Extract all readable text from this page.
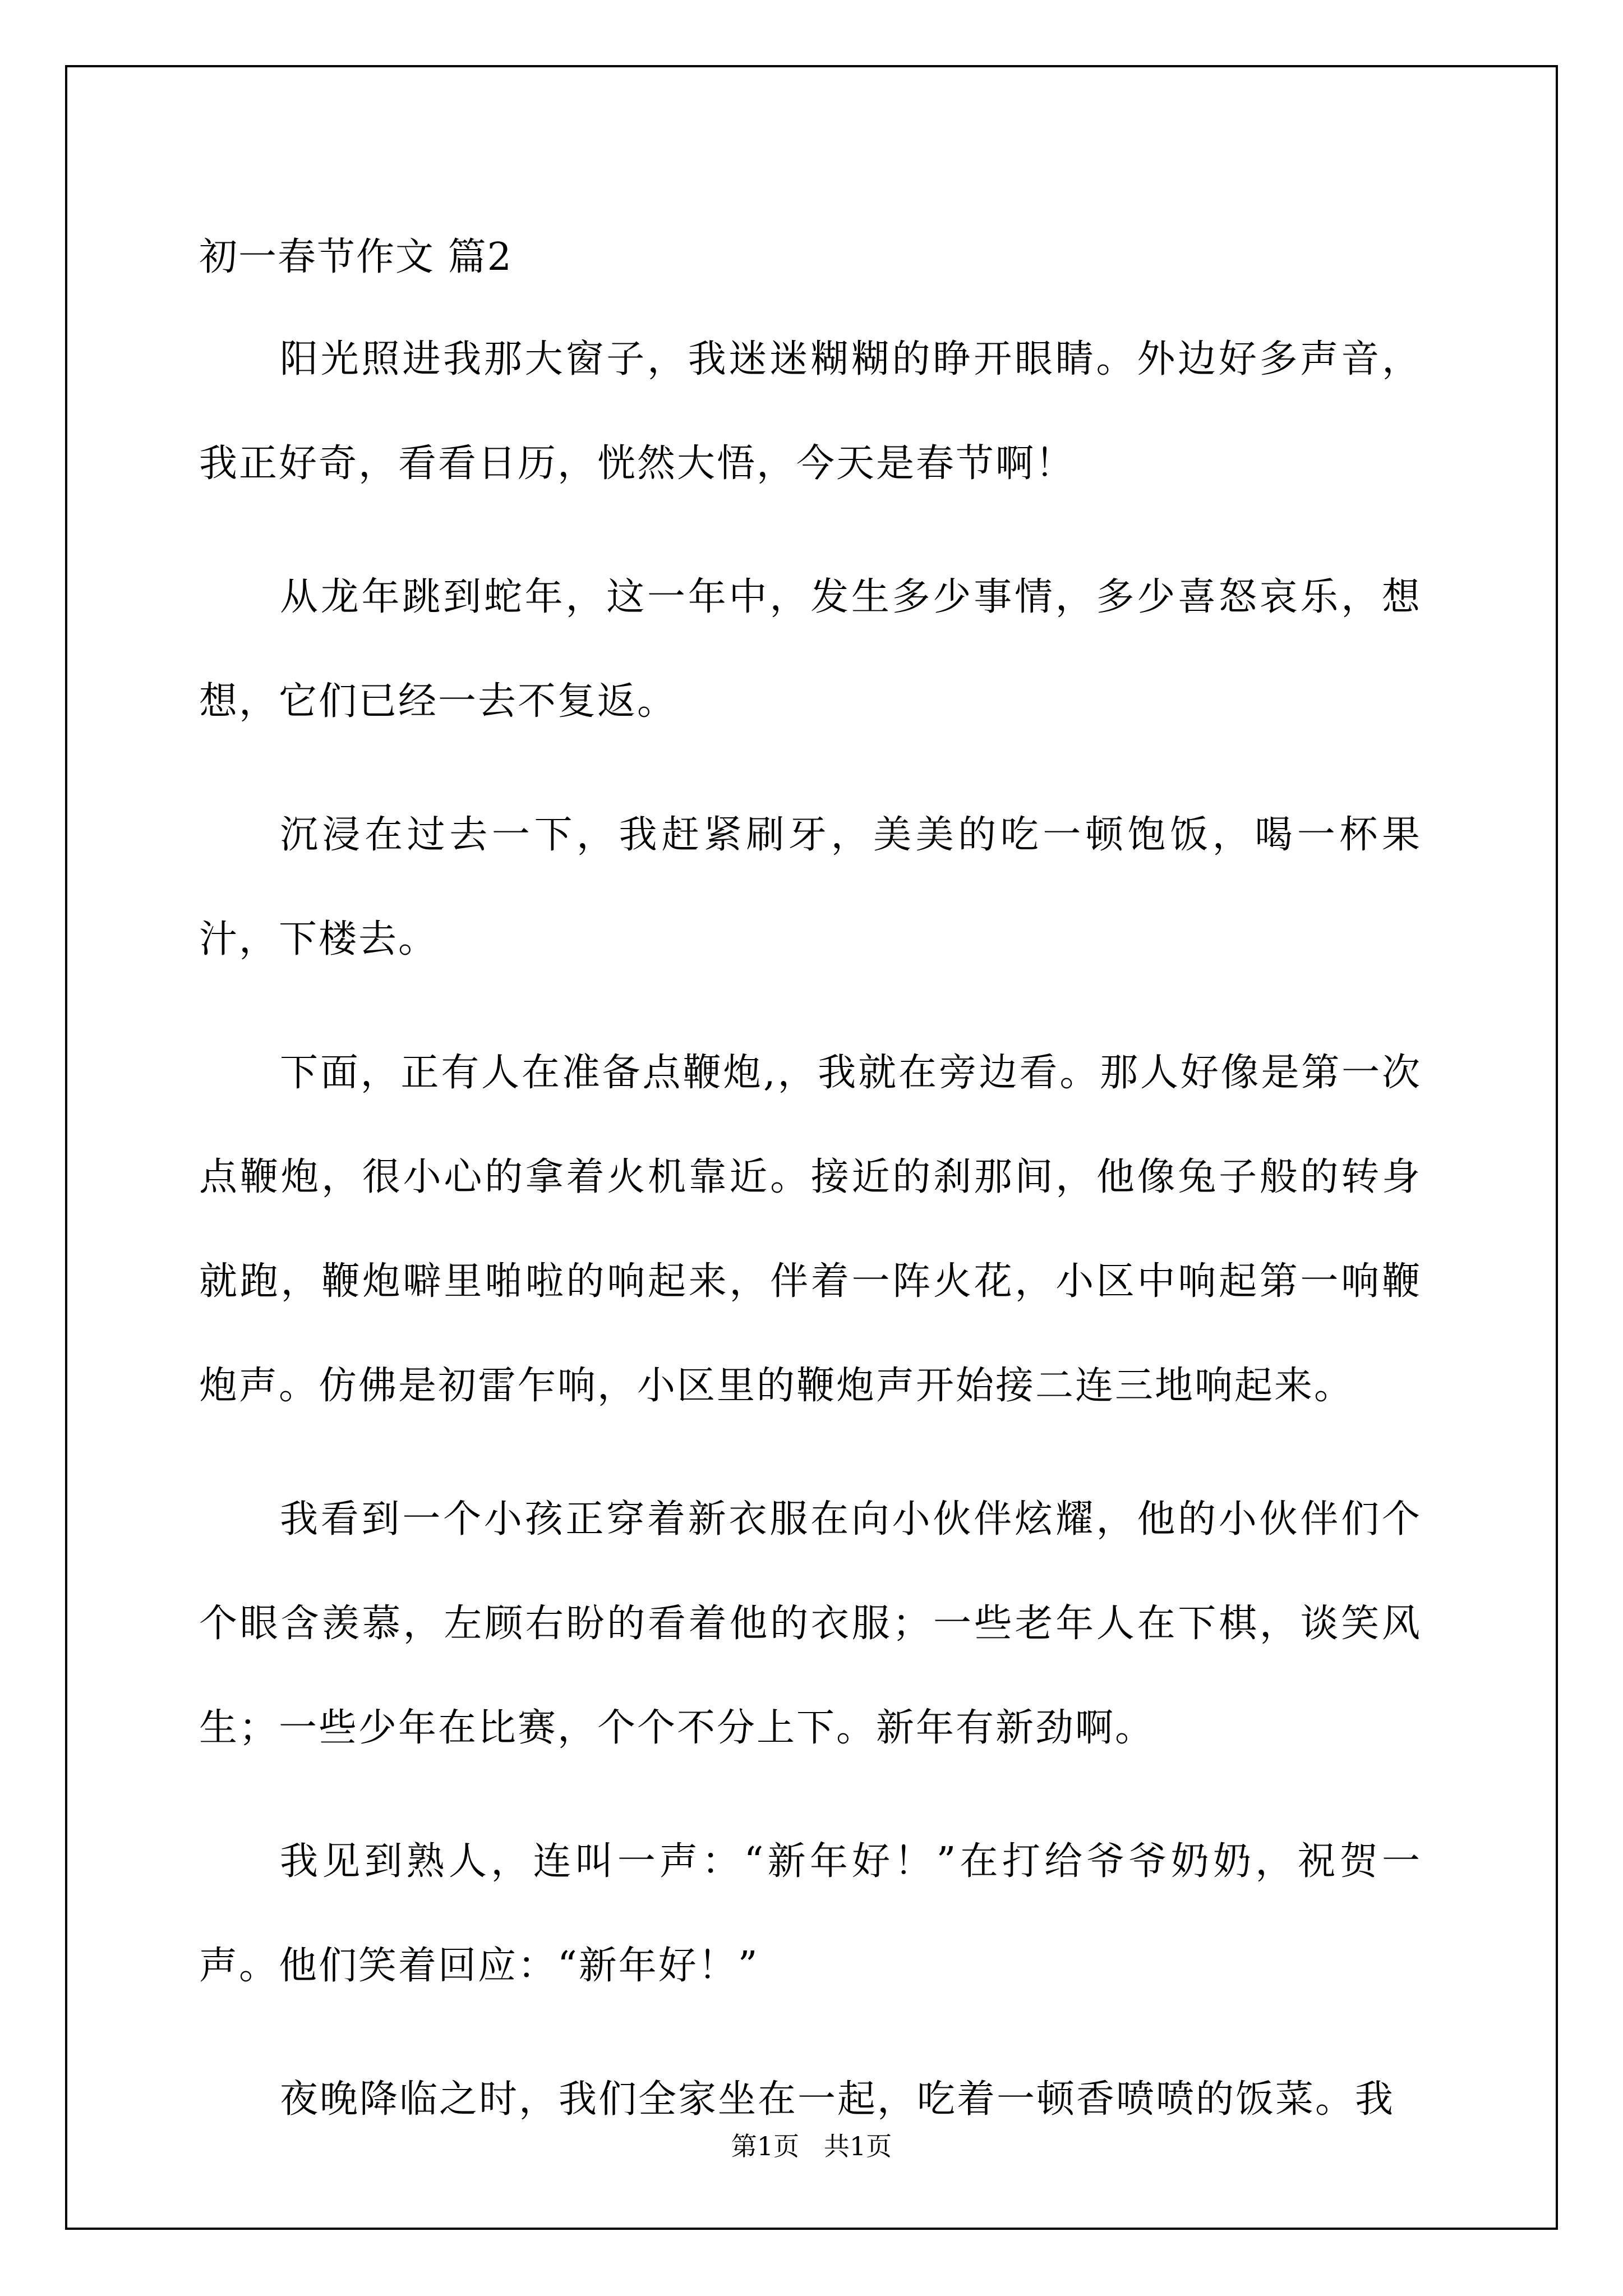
初一春节作文 篇2

阳光照进我那大窗子，我迷迷糊糊的睁开眼睛。外边好多声音，我正好奇，看看日历，恍然大悟，今天是春节啊！

从龙年跳到蛇年，这一年中，发生多少事情，多少喜怒哀乐，想想，它们已经一去不复返。

沉浸在过去一下，我赶紧刷牙，美美的吃一顿饱饭，喝一杯果汁，下楼去。

下面，正有人在准备点鞭炮,，我就在旁边看。那人好像是第一次点鞭炮，很小心的拿着火机靠近。接近的刹那间，他像兔子般的转身就跑，鞭炮噼里啪啦的响起来，伴着一阵火花，小区中响起第一响鞭炮声。仿佛是初雷乍响，小区里的鞭炮声开始接二连三地响起来。

我看到一个小孩正穿着新衣服在向小伙伴炫耀，他的小伙伴们个个眼含羡慕，左顾右盼的看着他的衣服；一些老年人在下棋，谈笑风生；一些少年在比赛，个个不分上下。新年有新劲啊。

我见到熟人，连叫一声：“新年好！”在打给爷爷奶奶，祝贺一声。他们笑着回应：“新年好！”

夜晚降临之时，我们全家坐在一起，吃着一顿香喷喷的饭菜。我

第1页   共1页
